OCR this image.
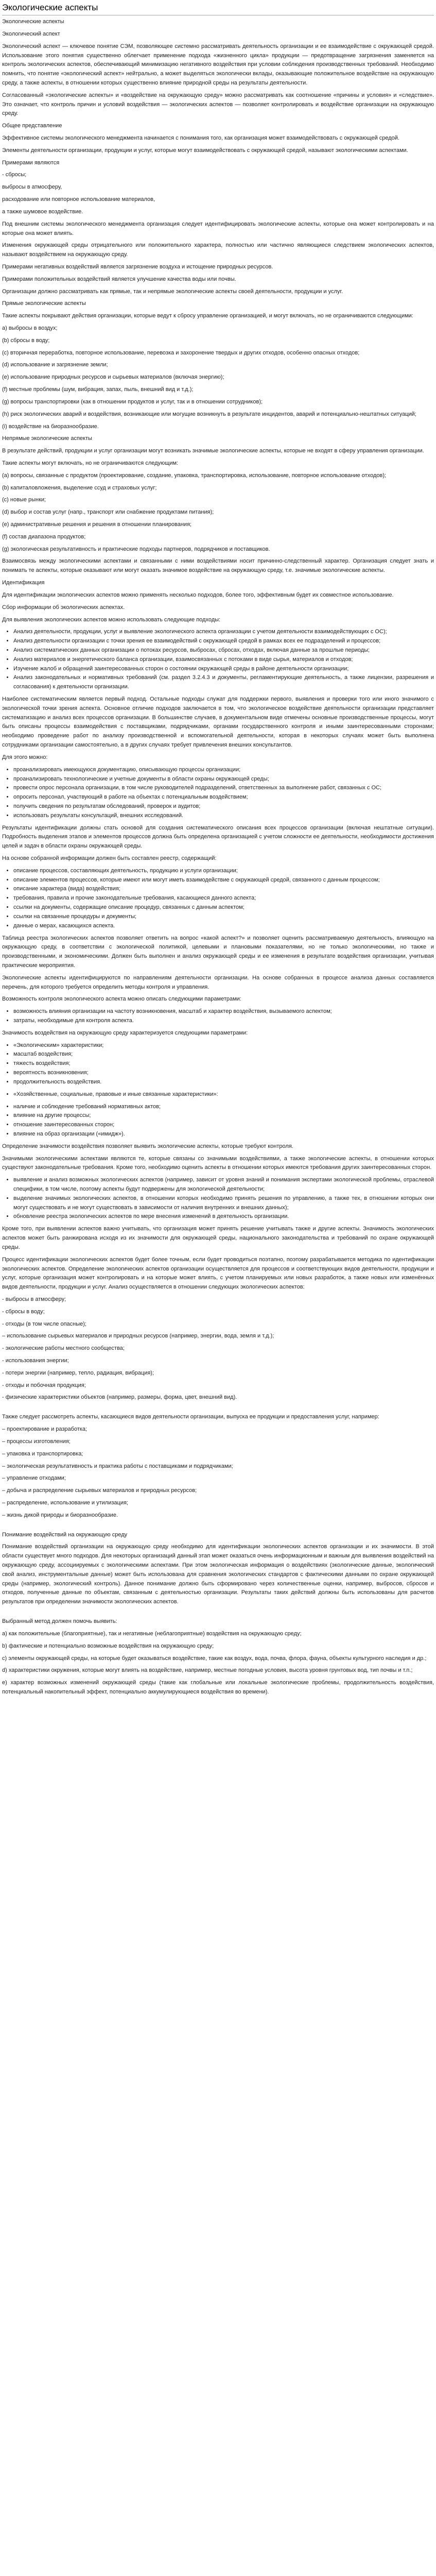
Экологические аспекты

Экологические аспекты

Экологический аспект

Экологический аспект — ключевое понятие СЭМ, позволяющее системно рассматривать деятельность организации и ее взаимодействие с окружающей средой. Использование этого понятия существенно облегчает применение подхода «жизненного цикла» продукции — предотвращение загрязнения заменяется на контроль экологических аспектов, обеспечивающий минимизацию негативного воздействия при условии соблюдения производственных требований. Необходимо помнить, что понятие «экологический аспект» нейтрально, а может выделяться экологически вклады, оказывающие положительное воздействие на окружающую среду, а также аспекты, в отношении которых существенно влияние природной среды на результаты деятельности.

Согласованный «экологические аспекты» и «воздействие на окружающую среду» можно рассматривать как соотношение «причины и условия» и «следствие». Это означает, что контроль причин и условий воздействия — экологических аспектов — позволяет контролировать и воздействие организации на окружающую среду.

Общее представление

Эффективное системы экологического менеджмента начинается с понимания того, как организация может взаимодействовать с окружающей средой.

Элементы деятельности организации, продукции и услуг, которые могут взаимодействовать с окружающей средой, называют экологическими аспектами.

Примерами являются

- сбросы;

выбросы в атмосферу,

расходование или повторное использование материалов,

а также шумовое воздействие.

Под внешним системы экологического менеджмента организация следует идентифицировать экологические аспекты, которые она может контролировать и на которые она может влиять.

Изменения окружающей среды отрицательного или положительного характера, полностью или частично являющиеся следствием экологических аспектов, называют воздействием на окружающую среду.

Примерами негативных воздействий является загрязнение воздуха и истощение природных ресурсов.

Примерами положительных воздействий является улучшение качества воды или почвы.

Организации должно рассматривать как прямые, так и непрямые экологические аспекты своей деятельности, продукции и услуг.

Прямые экологические аспекты

Такие аспекты покрывают действия организации, которые ведут к сбросу управление организацией, и могут включать, но не ограничиваются следующими:

а) выбросы в воздух;

(b) сбросы в воду;

(c) вторичная переработка, повторное использование, перевозка и захоронение твердых и других отходов, особенно опасных отходов;

(d) использование и загрязнение земли;

(e) использование природных ресурсов и сырьевых материалов (включая энергию);

(f) местные проблемы (шум, вибрация, запах, пыль, внешний вид и т.д.);

(g) вопросы транспортировки (как в отношении продуктов и услуг, так и в отношении сотрудников);

(h) риск экологических аварий и воздействия, возникающие или могущие возникнуть в результате инцидентов, аварий и потенциально-нештатных ситуаций;

(i) воздействие на биоразнообразие.

Непрямые экологические аспекты

В результате действий, продукции и услуг организации могут возникать значимые экологические аспекты, которые не входят в сферу управления организации.

Такие аспекты могут включать, но не ограничиваются следующим:

(a) вопросы, связанные с продуктом (проектирование, создание, упаковка, транспортировка, использование, повторное использование отходов);

(b) капиталовложения, выделение ссуд и страховых услуг;

(c) новые рынки;

(d) выбор и состав услуг (напр., транспорт или снабжение продуктами питания);

(e) административные решения и решения в отношении планирования;

(f) состав диапазона продуктов;

(g) экологическая результативность и практические подходы партнеров, подрядчиков и поставщиков.

Взаимосвязь между экологическими аспектами и связанными с ними воздействиями носит причинно-следственный характер. Организация следует знать и понимать те аспекты, которые оказывают или могут оказать значимое воздействие на окружающую среду, т.е. значимые экологические аспекты.

Идентификация

Для идентификации экологических аспектов можно применять несколько подходов, более того, эффективным будет их совместное использование.

Сбор информации об экологических аспектах.

Для выявления экологических аспектов можно использовать следующие подходы:

• Анализ деятельности, продукции, услуг и выявление экологического аспекта организации с учетом деятельности взаимодействующих с ОС);
• Анализ деятельности организации с точки зрения ее взаимодействий с окружающей средой в рамках всех ее подразделений и процессов;
• Анализ систематических данных организации о потоках ресурсов, выбросах, сбросах, отходах, включая данные за прошлые периоды;
• Анализ материалов и энергетического баланса организации, взаимосвязанных с потоками в виде сырья, материалов и отходов;
• Изучение жалоб и обращений заинтересованных сторон о состоянии окружающей среды в районе деятельности организации;
• Анализ законодательных и нормативных требований (см. раздел 3.2.4.3 и документы, регламентирующие деятельность, а также лицензии, разрешения и согласования) к деятельности организации.

Наиболее систематическим является первый подход. Остальные подходы служат для поддержки первого, выявления и проверки того или иного значимого с экологической точки зрения аспекта. Основное отличие подходов заключается в том, что экологическое воздействие деятельности организации представляет систематизацию и анализ всех процессов организации. В большинстве случаев, в документальном виде отмечены основные производственные процессы, могут быть описаны процессы взаимодействия с поставщиками, подрядчиками, органами государственного контроля и иными заинтересованными сторонами; необходимо проведение работ по анализу производственной и вспомогательной деятельности, которая в некоторых случаях может быть выполнена сотрудниками организации самостоятельно, а в других случаях требует привлечения внешних консультантов.

Для этого можно:

• проанализировать имеющуюся документацию, описывающую процессы организации;
• проанализировать технологические и учетные документы в области охраны окружающей среды;
• провести опрос персонала организации, в том числе руководителей подразделений, ответственных за выполнение работ, связанных с ОС;
• опросить персонал, участвующий в работе на объектах с потенциальным воздействием;
• получить сведения по результатам обследований, проверок и аудитов;
• использовать результаты консультаций, внешних исследований.

Результаты идентификации должны стать основой для создания систематического описания всех процессов организации (включая нештатные ситуации). Подробность выделения этапов и элементов процессов должна быть определена организацией с учетом сложности ее деятельности, необходимости достижения целей и задач в области охраны окружающей среды.

На основе собранной информации должен быть составлен реестр, содержащий:

• описание процессов, составляющих деятельность, продукцию и услуги организации;
• описание элементов процессов, которые имеют или могут иметь взаимодействие с окружающей средой, связанного с данным процессом;
• описание характера (вида) воздействия;
• требования, правила и прочие законодательные требования, касающиеся данного аспекта;
• ссылки на документы, содержащие описание процедур, связанных с данным аспектом;
• ссылки на связанные процедуры и документы;
• данные о мерах, касающихся аспекта.

Таблица реестра экологических аспектов позволяет ответить на вопрос «какой аспект?» и позволяет оценить рассматриваемую деятельность, влияющую на окружающую среду, в соответствии с экологической политикой, целевыми и плановыми показателями, но не только экологическими, но также и производственными, и экономическими. Должен быть выполнен и анализ окружающей среды и ее изменения в результате воздействия организации, учитывая практические мероприятия.

Экологические аспекты идентифицируются по направлениям деятельности организации. На основе собранных в процессе анализа данных составляется перечень, для которого требуется определить методы контроля и управления.

Возможность контроля экологического аспекта можно описать следующими параметрами:

• возможность влияния организации на частоту возникновения, масштаб и характер воздействия, вызываемого аспектом;
• затраты, необходимые для контроля аспекта.

Значимость воздействия на окружающую среду характеризуется следующими параметрами:

• «Экологическим» характеристики;
• масштаб воздействия;
• тяжесть воздействия;
• вероятность возникновения;
• продолжительность воздействия.
• «Хозяйственные, социальные, правовые и иные связанные характеристики»:
• наличие и соблюдение требований нормативных актов;
• влияние на другие процессы;
• отношение заинтересованных сторон;
• влияние на образ организации («имидж»).

Определение значимости воздействия позволяет выявить экологические аспекты, которые требуют контроля.

Значимыми экологическими аспектами являются те, которые связаны со значимыми воздействиями, а также экологические аспекты, в отношении которых существуют законодательные требования. Кроме того, необходимо оценить аспекты в отношении которых имеются требования других заинтересованных сторон.

• выявление и анализ возможных экологических аспектов (например, зависит от уровня знаний и понимания экспертами экологической проблемы, отраслевой специфики, в том числе, поэтому аспекты будут подвержены для экологической деятельности;
• выделение значимых экологических аспектов, в отношении которых необходимо принять решения по управлению, а также тех, в отношении которых они могут существовать и не могут существовать в зависимости от наличия внутренних и внешних данных);
• обновление реестра экологических аспектов по мере внесения изменений в деятельность организации.

Кроме того, при выявлении аспектов важно учитывать, что организация может принять решение учитывать также и другие аспекты. Значимость экологических аспектов может быть ранжирована исходя из их значимости для окружающей среды, национального законодательства и требований по охране окружающей среды.

Процесс идентификации экологических аспектов будет более точным, если будет проводиться поэтапно, поэтому разрабатывается методика по идентификации экологических аспектов. Определение экологических аспектов организации осуществляется для процессов и соответствующих видов деятельности, продукции и услуг, которые организация может контролировать и на которые может влиять, с учетом планируемых или новых разработок, а также новых или изменённых видов деятельности, продукции и услуг. Анализ осуществляется в отношении следующих экологических аспектов:

- выбросы в атмосферу;

- сбросы в воду;

- отходы (в том числе опасные);

– использование сырьевых материалов и природных ресурсов (например, энергии, вода, земля и т.д.);

- экологические работы местного сообщества;

- использования энергии;

- потери энергии (например, тепло, радиация, вибрация);

- отходы и побочная продукция;

- физические характеристики объектов (например, размеры, форма, цвет, внешний вид).

Также следует рассмотреть аспекты, касающиеся видов деятельности организации, выпуска ее продукции и предоставления услуг, например:

– проектирование и разработка;

– процессы изготовления;

– упаковка и транспортировка;

– экологическая результативность и практика работы с поставщиками и подрядчиками;

– управление отходами;

– добыча и распределение сырьевых материалов и природных ресурсов;

– распределение, использование и утилизация;

– жизнь дикой природы и биоразнообразие.

Понимание воздействий на окружающую среду

Понимание воздействий организации на окружающую среду необходимо для идентификации экологических аспектов организации и их значимости. В этой области существует много подходов. Для некоторых организаций данный этап может оказаться очень информационным и важным для выявления воздействий на окружающую среду, ассоциируемых с экологическими аспектами. При этом экологическая информация о воздействиях (экологические данные, экологический свой анализ, инструментальные данные) может быть использована для сравнения экологических стандартов с фактическими данными по охране окружающей среды (например, экологический контроль). Данное понимание должно быть сформировано через количественные оценки, например, выбросов, сбросов и отходов, полученные данные по объектам, связанным с деятельностью организации. Результаты таких действий должны быть использованы для расчетов результатов при определении значимости экологических аспектов.

Выбранный метод должен помочь выявить:

a) как положительные (благоприятные), так и негативные (неблагоприятные) воздействия на окружающую среду;

b) фактические и потенциально возможные воздействия на окружающую среду;

c) элементы окружающей среды, на которые будет оказываться воздействие, такие как воздух, вода, почва, флора, фауна, объекты культурного наследия и др.;

d) характеристики окружения, которые могут влиять на воздействие, например, местные погодные условия, высота уровня грунтовых вод, тип почвы и т.п.;

e) характер возможных изменений окружающей среды (такие как глобальные или локальные экологические проблемы, продолжительность воздействия, потенциальный накопительный эффект, потенциально аккумулирующиеся воздействия во времени).
